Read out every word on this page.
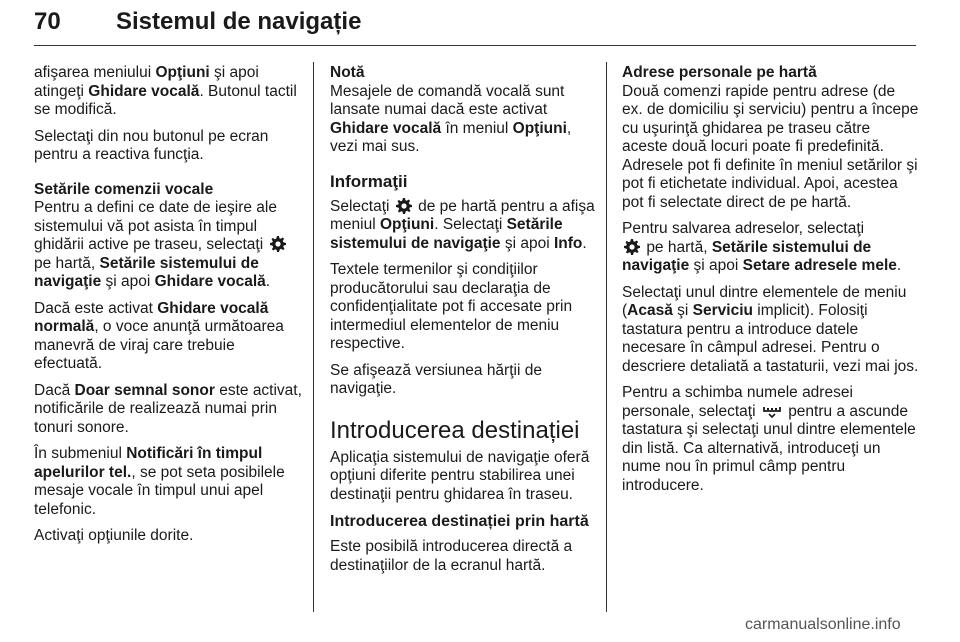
70 Sistemul de navigație

afişarea meniului Opţiuni şi apoi atingeţi Ghidare vocală. Butonul tactil se modifică.

Selectaţi din nou butonul pe ecran pentru a reactiva funcţia.

Setările comenzii vocale

Pentru a defini ce date de ieşire ale sistemului vă pot asista în timpul ghidării active pe traseu, selectaţi
pe hartă, Setările sistemului de navigaţie şi apoi Ghidare vocală.

Dacă este activat Ghidare vocală normală, o voce anunţă următoarea manevră de viraj care trebuie efectuată.

Dacă Doar semnal sonor este activat, notificările de realizează numai prin tonuri sonore.

În submeniul Notificări în timpul apelurilor tel., se pot seta posibilele mesaje vocale în timpul unui apel telefonic.

Activaţi opţiunile dorite.

Notă

Mesajele de comandă vocală sunt lansate numai dacă este activat Ghidare vocală în meniul Opţiuni, vezi mai sus.

Informaţii

Selectaţi de pe hartă pentru a afişa meniul Opţiuni. Selectaţi Setările sistemului de navigaţie şi apoi Info.

Textele termenilor şi condiţiilor producătorului sau declaraţia de confidenţialitate pot fi accesate prin intermediul elementelor de meniu respective.

Se afişează versiunea hărţii de navigaţie.

Introducerea destinației

Aplicaţia sistemului de navigaţie oferă opţiuni diferite pentru stabilirea unei destinaţii pentru ghidarea în traseu.

Introducerea destinației prin hartă

Este posibilă introducerea directă a destinaţiilor de la ecranul hartă.

Adrese personale pe hartă

Două comenzi rapide pentru adrese (de ex. de domiciliu şi serviciu) pentru a începe cu uşurinţă ghidarea pe traseu către aceste două locuri poate fi predefinită. Adresele pot fi definite în meniul setărilor şi pot fi etichetate individual. Apoi, acestea pot fi selectate direct de pe hartă.

Pentru salvarea adreselor, selectaţi

pe hartă, Setările sistemului de navigaţie şi apoi Setare adresele mele.

Selectaţi unul dintre elementele de meniu (Acasă şi Serviciu implicit). Folosiţi tastatura pentru a introduce datele necesare în câmpul adresei. Pentru o descriere detaliată a tastaturii, vezi mai jos.

Pentru a schimba numele adresei personale, selectaţi pentru a ascunde tastatura şi selectaţi unul dintre elementele din listă. Ca alternativă, introduceţi un nume nou în primul câmp pentru introducere.

carmanualsonline.info
